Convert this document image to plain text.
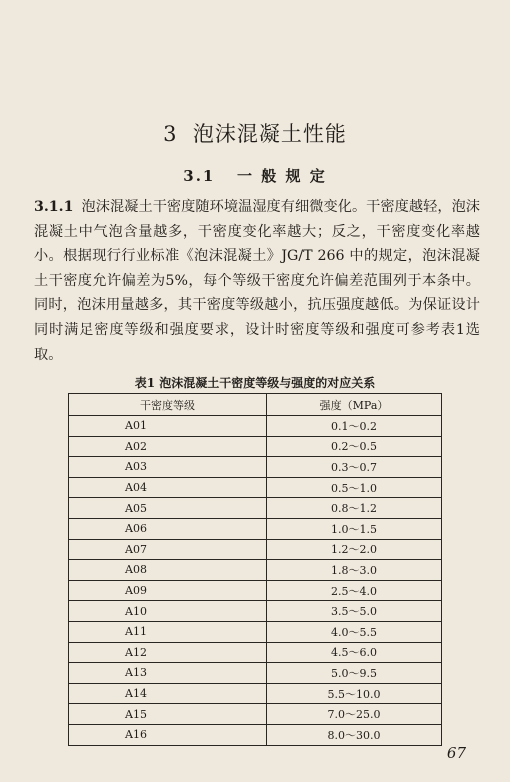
3 泡沫混凝土性能
3.1 一 般 规 定
3.1.1 泡沫混凝土干密度随环境温湿度有细微变化。干密度越轻，泡沫混凝土中气泡含量越多，干密度变化率越大；反之，干密度变化率越小。根据现行行业标准《泡沫混凝土》JG/T 266 中的规定，泡沫混凝土干密度允许偏差为5%，每个等级干密度允许偏差范围列于本条中。同时，泡沫用量越多，其干密度等级越小，抗压强度越低。为保证设计同时满足密度等级和强度要求，设计时密度等级和强度可参考表1选取。
表1 泡沫混凝土干密度等级与强度的对应关系
干密度等级	强度（MPa）
A01	0.1～0.2
A02	0.2～0.5
A03	0.3～0.7
A04	0.5～1.0
A05	0.8～1.2
A06	1.0～1.5
A07	1.2～2.0
A08	1.8～3.0
A09	2.5～4.0
A10	3.5～5.0
A11	4.0～5.5
A12	4.5～6.0
A13	5.0～9.5
A14	5.5～10.0
A15	7.0～25.0
A16	8.0～30.0
67
